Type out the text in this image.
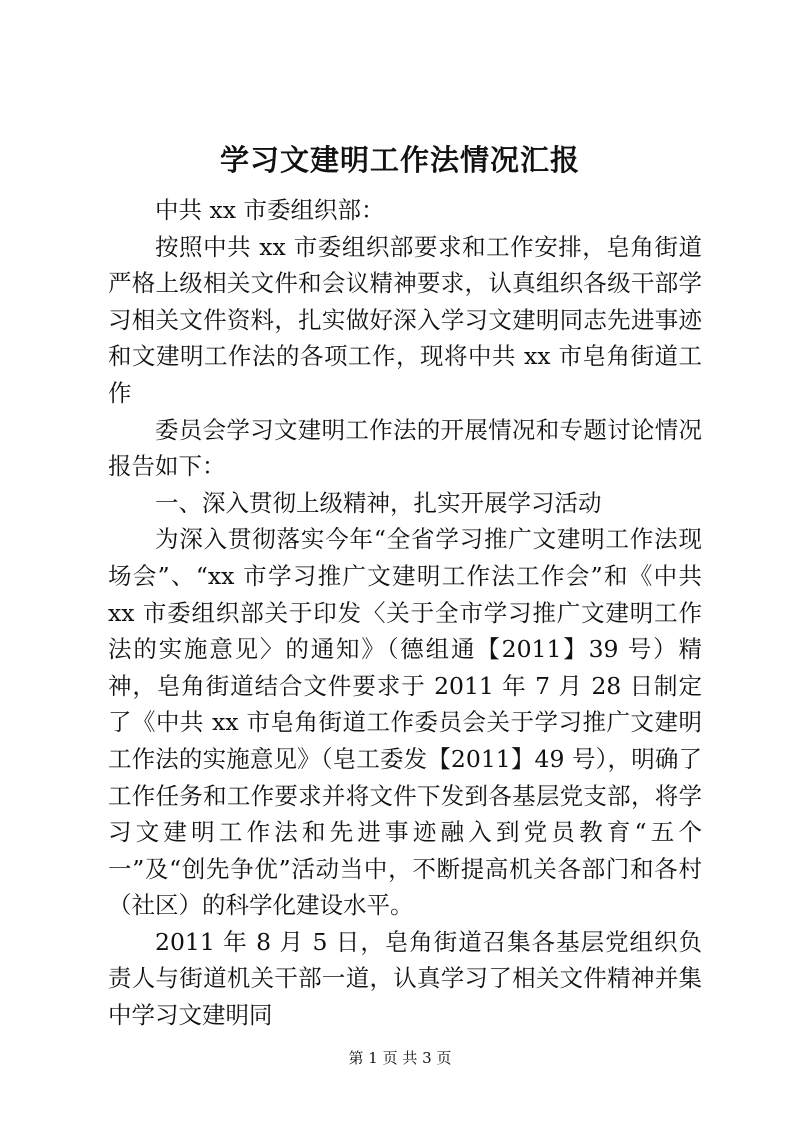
学习文建明工作法情况汇报

中共 xx 市委组织部：

按照中共 xx 市委组织部要求和工作安排，皂角街道严格上级相关文件和会议精神要求，认真组织各级干部学习相关文件资料，扎实做好深入学习文建明同志先进事迹和文建明工作法的各项工作，现将中共 xx 市皂角街道工作

委员会学习文建明工作法的开展情况和专题讨论情况报告如下：

一、深入贯彻上级精神，扎实开展学习活动

为深入贯彻落实今年“全省学习推广文建明工作法现场会”、“xx 市学习推广文建明工作法工作会”和《中共 xx 市委组织部关于印发〈关于全市学习推广文建明工作法的实施意见〉的通知》（德组通【2011】39 号）精神，皂角街道结合文件要求于 2011 年 7 月 28 日制定了《中共 xx 市皂角街道工作委员会关于学习推广文建明工作法的实施意见》（皂工委发【2011】49 号），明确了工作任务和工作要求并将文件下发到各基层党支部，将学习文建明工作法和先进事迹融入到党员教育“五个一”及“创先争优”活动当中，不断提高机关各部门和各村（社区）的科学化建设水平。

2011 年 8 月 5 日，皂角街道召集各基层党组织负责人与街道机关干部一道，认真学习了相关文件精神并集中学习文建明同

第 1 页 共 3 页
